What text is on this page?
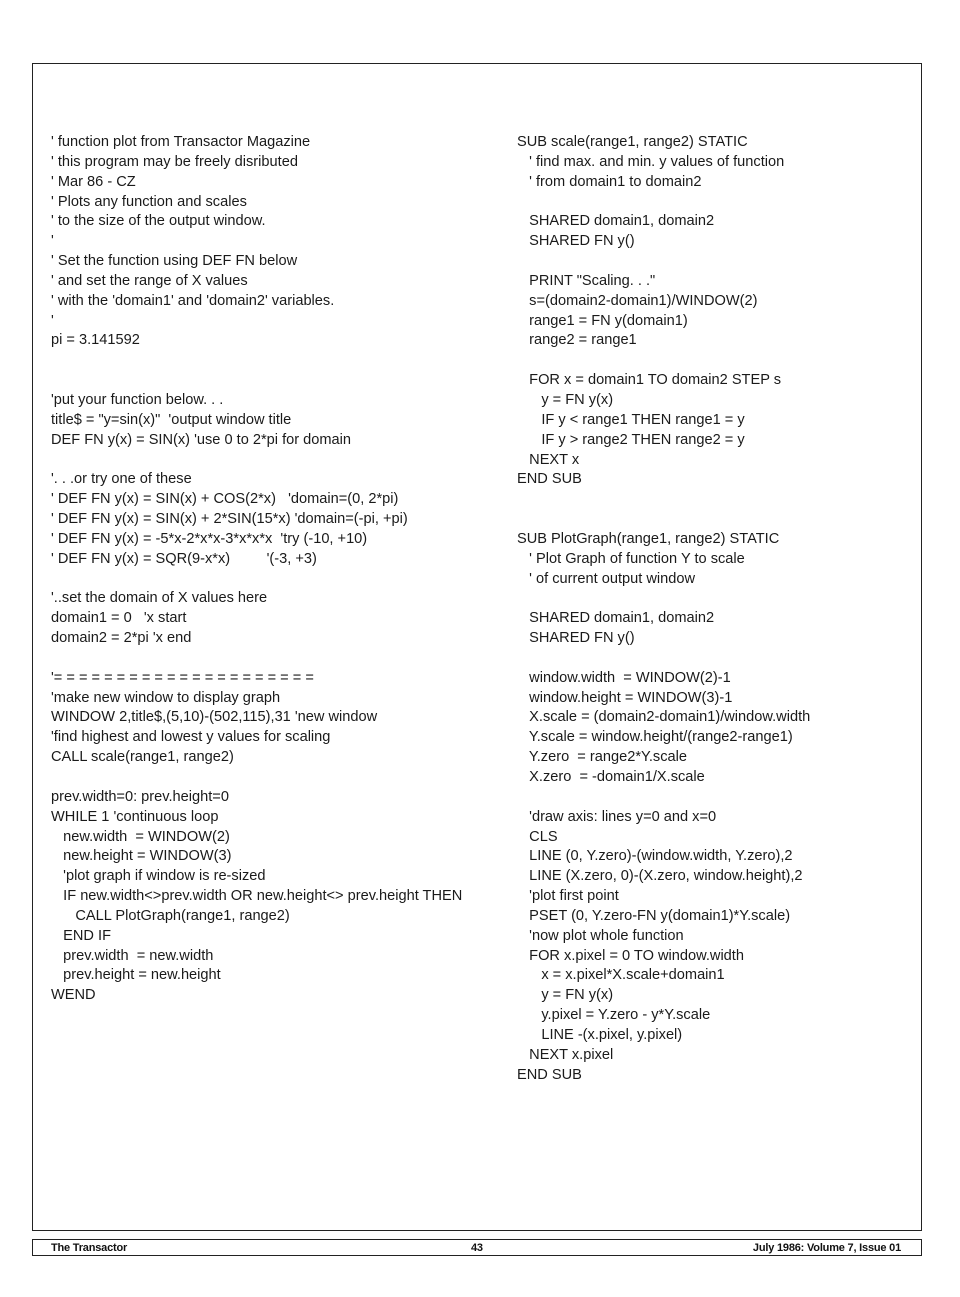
' function plot from Transactor Magazine
' this program may be freely disributed
' Mar 86 - CZ
' Plots any function and scales
' to the size of the output window.
'
' Set the function using DEF FN below
' and set the range of X values
' with the 'domain1' and 'domain2' variables.
'
pi = 3.141592
'put your function below. . .
title$ = "y=sin(x)"  'output window title
DEF FN y(x) = SIN(x) 'use 0 to 2*pi for domain
'. . .or try one of these
' DEF FN y(x) = SIN(x) + COS(2*x)   'domain=(0, 2*pi)
' DEF FN y(x) = SIN(x) + 2*SIN(15*x) 'domain=(-pi, +pi)
' DEF FN y(x) = -5*x-2*x*x-3*x*x*x  'try (-10, +10)
' DEF FN y(x) = SQR(9-x*x)         '(-3, +3)
'..set the domain of X values here
domain1 = 0   'x start
domain2 = 2*pi 'x end
'= = = = = = = = = = = = = = = = = = = = =
'make new window to display graph
WINDOW 2,title$,(5,10)-(502,115),31 'new window
'find highest and lowest y values for scaling
CALL scale(range1, range2)
prev.width=0: prev.height=0
WHILE 1 'continuous loop
new.width  = WINDOW(2)
new.height = WINDOW(3)
'plot graph if window is re-sized
IF new.width<>prev.width OR new.height<> prev.height THEN
CALL PlotGraph(range1, range2)
END IF
prev.width  = new.width
prev.height = new.height
WEND
SUB scale(range1, range2) STATIC
' find max. and min. y values of function
' from domain1 to domain2
SHARED domain1, domain2
SHARED FN y()
PRINT "Scaling. . ."
s=(domain2-domain1)/WINDOW(2)
range1 = FN y(domain1)
range2 = range1
FOR x = domain1 TO domain2 STEP s
y = FN y(x)
IF y < range1 THEN range1 = y
IF y > range2 THEN range2 = y
NEXT x
END SUB
SUB PlotGraph(range1, range2) STATIC
' Plot Graph of function Y to scale
' of current output window
SHARED domain1, domain2
SHARED FN y()
window.width  = WINDOW(2)-1
window.height = WINDOW(3)-1
X.scale = (domain2-domain1)/window.width
Y.scale = window.height/(range2-range1)
Y.zero  = range2*Y.scale
X.zero  = -domain1/X.scale
'draw axis: lines y=0 and x=0
CLS
LINE (0, Y.zero)-(window.width, Y.zero),2
LINE (X.zero, 0)-(X.zero, window.height),2
'plot first point
PSET (0, Y.zero-FN y(domain1)*Y.scale)
'now plot whole function
FOR x.pixel = 0 TO window.width
x = x.pixel*X.scale+domain1
y = FN y(x)
y.pixel = Y.zero - y*Y.scale
LINE -(x.pixel, y.pixel)
NEXT x.pixel
END SUB
The Transactor	43	July 1986: Volume 7, Issue 01
